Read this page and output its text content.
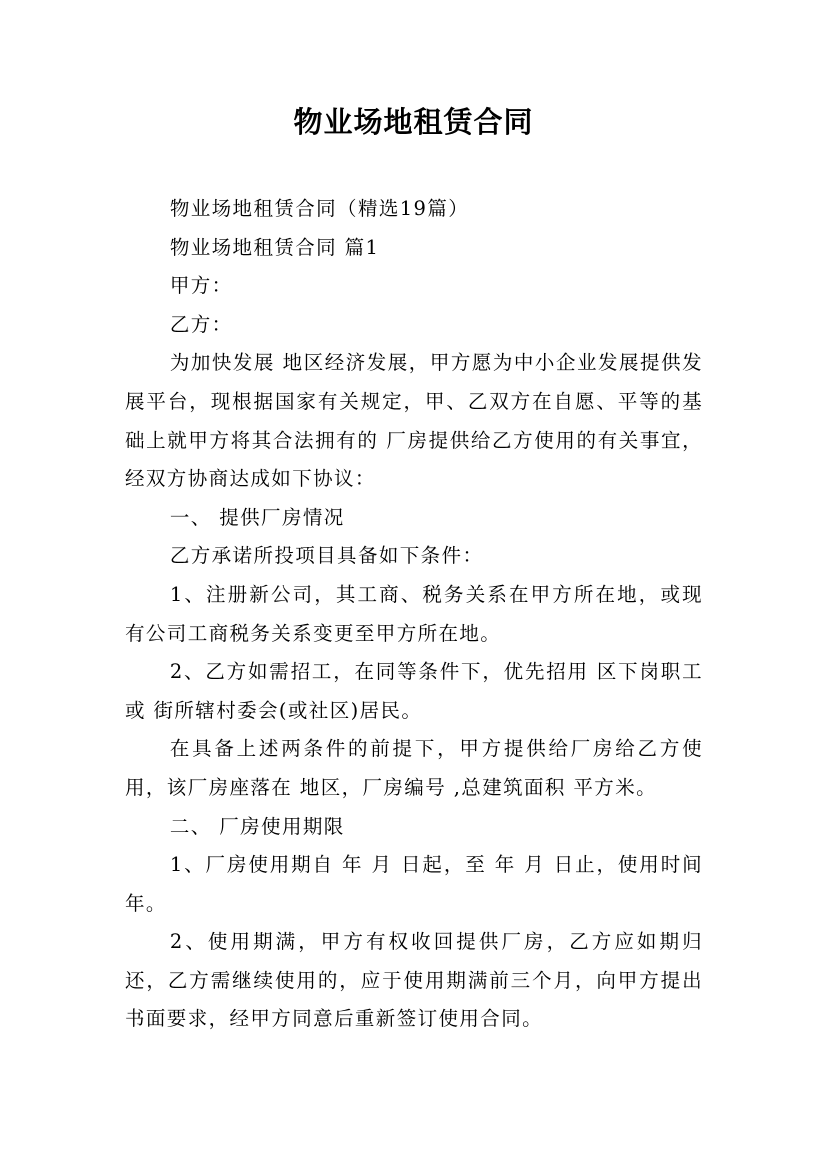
物业场地租赁合同

物业场地租赁合同（精选19篇）

物业场地租赁合同 篇1

甲方：

乙方：

为加快发展 地区经济发展，甲方愿为中小企业发展提供发展平台，现根据国家有关规定，甲、乙双方在自愿、平等的基础上就甲方将其合法拥有的 厂房提供给乙方使用的有关事宜，经双方协商达成如下协议：

一、 提供厂房情况

乙方承诺所投项目具备如下条件：

1、注册新公司，其工商、税务关系在甲方所在地，或现有公司工商税务关系变更至甲方所在地。

2、乙方如需招工，在同等条件下，优先招用 区下岗职工或 街所辖村委会(或社区)居民。

在具备上述两条件的前提下，甲方提供给厂房给乙方使用，该厂房座落在 地区，厂房编号 ,总建筑面积 平方米。

二、 厂房使用期限

1、厂房使用期自 年 月 日起，至 年 月 日止，使用时间 年。

2、使用期满，甲方有权收回提供厂房，乙方应如期归还，乙方需继续使用的，应于使用期满前三个月，向甲方提出书面要求，经甲方同意后重新签订使用合同。
